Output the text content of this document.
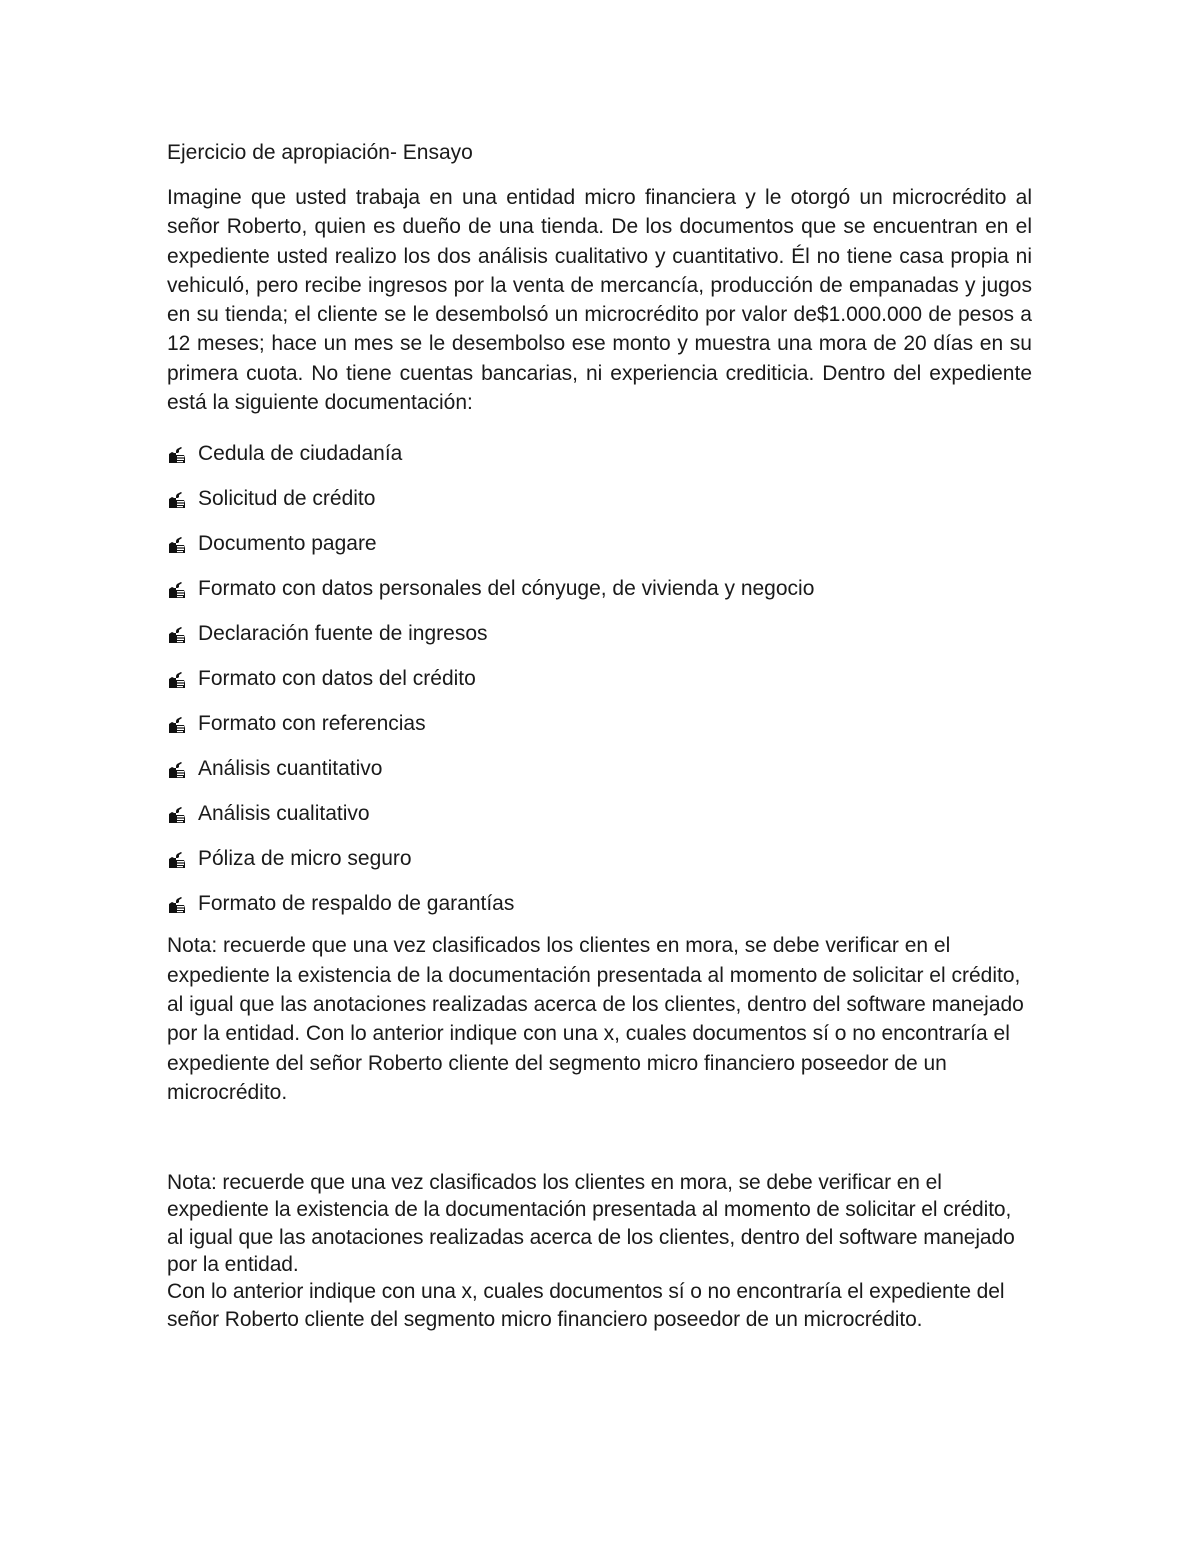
Ejercicio de apropiación- Ensayo

Imagine que usted trabaja en una entidad micro financiera y le otorgó un microcrédito al señor Roberto, quien es dueño de una tienda. De los documentos que se encuentran en el expediente usted realizo los dos análisis cualitativo y cuantitativo. Él no tiene casa propia ni vehiculó, pero recibe ingresos por la venta de mercancía, producción de empanadas y jugos en su tienda; el cliente se le desembolsó un microcrédito por valor de$1.000.000 de pesos a 12 meses; hace un mes se le desembolso ese monto y muestra una mora de 20 días en su primera cuota. No tiene cuentas bancarias, ni experiencia crediticia. Dentro del expediente está la siguiente documentación:

Cedula de ciudadanía
Solicitud de crédito
Documento pagare
Formato con datos personales del cónyuge, de vivienda y negocio
Declaración fuente de ingresos
Formato con datos del crédito
Formato con referencias
Análisis cuantitativo
Análisis cualitativo
Póliza de micro seguro
Formato de respaldo de garantías

Nota: recuerde que una vez clasificados los clientes en mora, se debe verificar en el expediente la existencia de la documentación presentada al momento de solicitar el crédito, al igual que las anotaciones realizadas acerca de los clientes, dentro del software manejado por la entidad. Con lo anterior indique con una x, cuales documentos sí o no encontraría el expediente del señor Roberto cliente del segmento micro financiero poseedor de un microcrédito.

Nota: recuerde que una vez clasificados los clientes en mora, se debe verificar en el expediente la existencia de la documentación presentada al momento de solicitar el crédito, al igual que las anotaciones realizadas acerca de los clientes, dentro del software manejado por la entidad.
Con lo anterior indique con una x, cuales documentos sí o no encontraría el expediente del señor Roberto cliente del segmento micro financiero poseedor de un microcrédito.
